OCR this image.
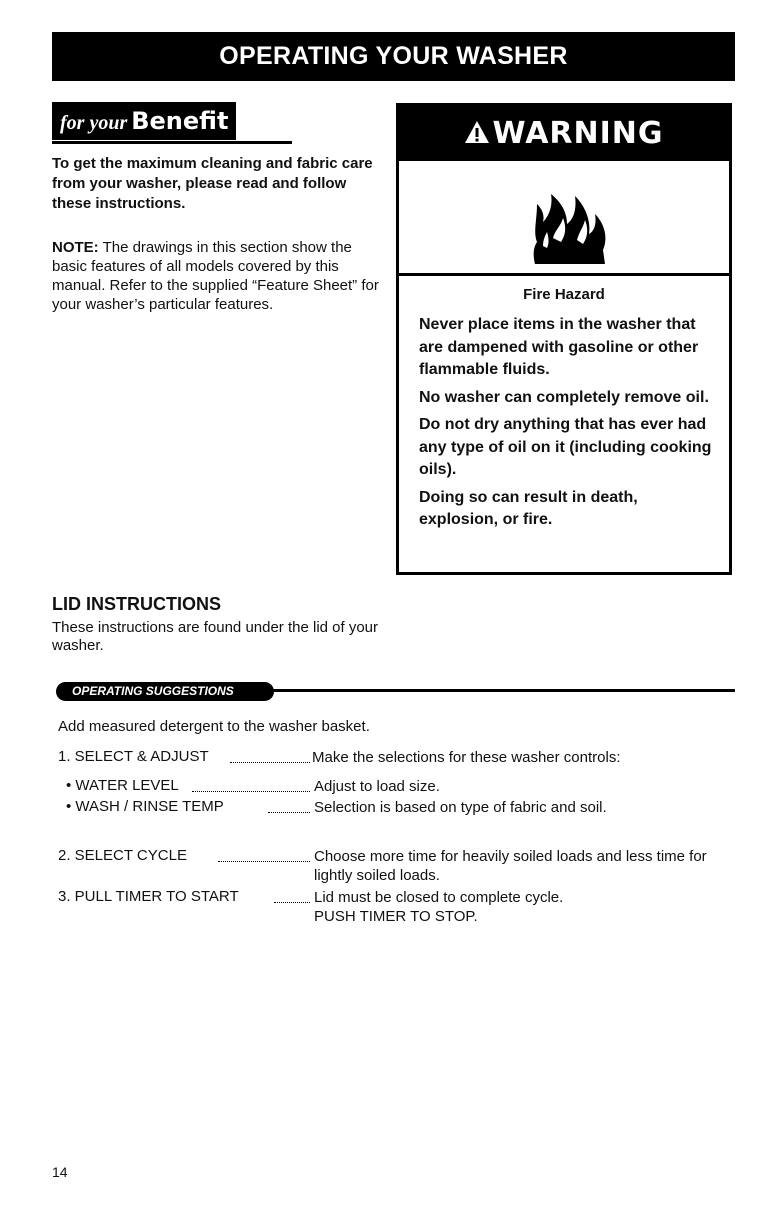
OPERATING YOUR WASHER
for your Benefit
To get the maximum cleaning and fabric care from your washer, please read and follow these instructions.
NOTE: The drawings in this section show the basic features of all models covered by this manual. Refer to the supplied “Feature Sheet” for your washer’s particular features.
WARNING
Fire Hazard

Never place items in the washer that are dampened with gasoline or other flammable fluids.

No washer can completely remove oil.

Do not dry anything that has ever had any type of oil on it (including cooking oils).

Doing so can result in death, explosion, or fire.

LID INSTRUCTIONS
These instructions are found under the lid of your washer.
OPERATING SUGGESTIONS
Add measured detergent to the washer basket.
1. SELECT & ADJUST	Make the selections for these washer controls:
• WATER LEVEL	Adjust to load size.
• WASH / RINSE TEMP	Selection is based on type of fabric and soil.
2. SELECT CYCLE	Choose more time for heavily soiled loads and less time for lightly soiled loads.
3. PULL TIMER TO START	Lid must be closed to complete cycle.
PUSH TIMER TO STOP.
14
